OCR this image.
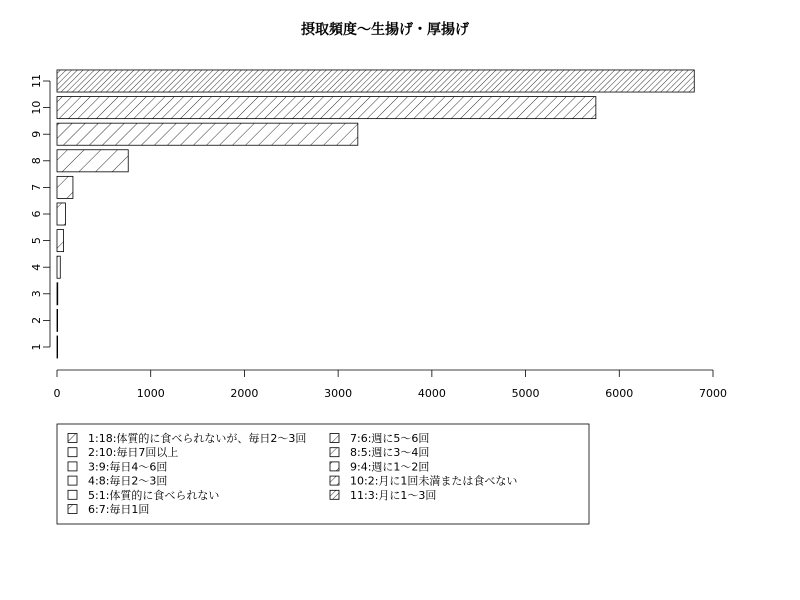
摂取頻度〜生揚げ・厚揚げ
1
2
3
4
5
6
7
8
9
10
11
0	1000	2000	3000	4000	5000	6000	7000
1:18:体質的に食べられないが、毎日2〜3回
2:10:毎日7回以上
3:9:毎日4〜6回
4:8:毎日2〜3回
5:1:体質的に食べられない
6:7:毎日1回
7:6:週に5〜6回
8:5:週に3〜4回
9:4:週に1〜2回
10:2:月に1回未満または食べない
11:3:月に1〜3回
